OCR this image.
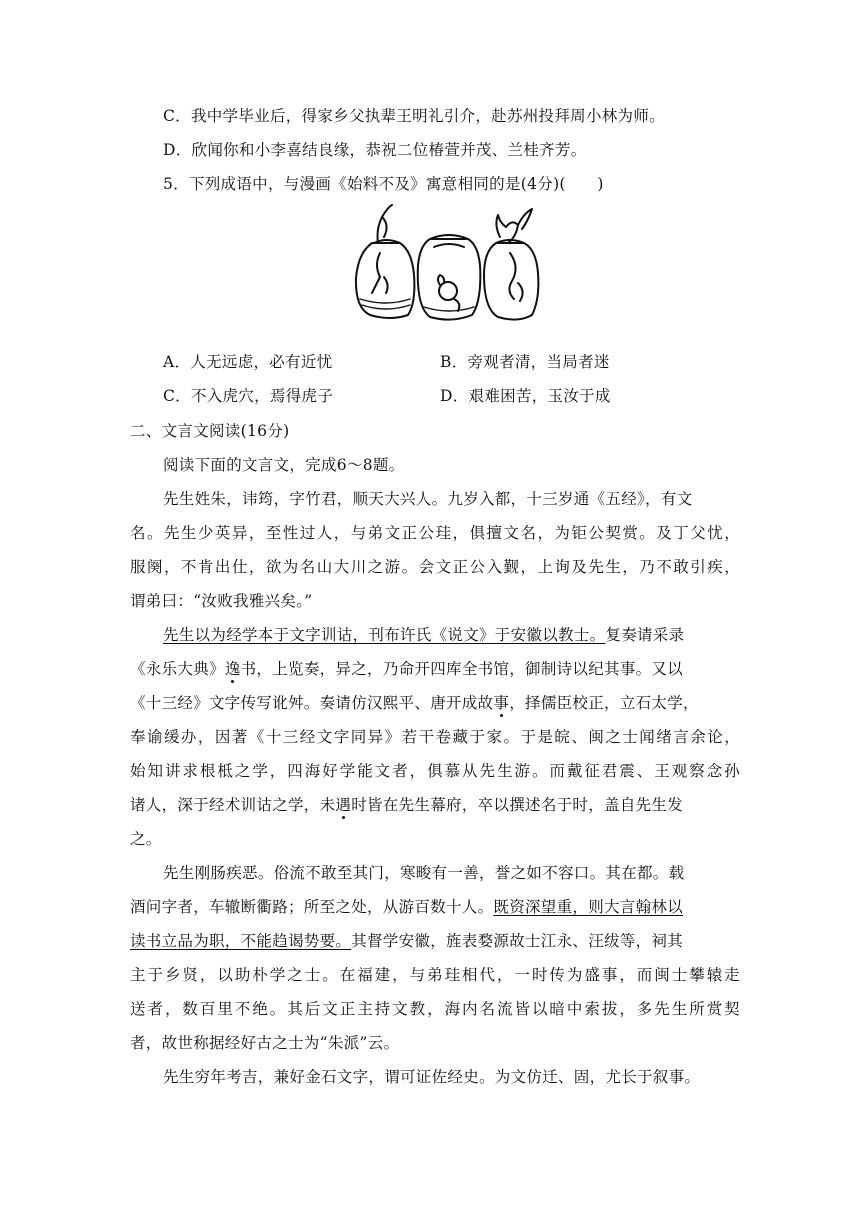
C．我中学毕业后，得家乡父执辈王明礼引介，赴苏州投拜周小林为师。
D．欣闻你和小李喜结良缘，恭祝二位椿萱并茂、兰桂齐芳。
5．下列成语中，与漫画《始料不及》寓意相同的是(4分)(　　)
A．人无远虑，必有近忧	B．旁观者清，当局者迷
C．不入虎穴，焉得虎子	D．艰难困苦，玉汝于成
二、文言文阅读(16分)
阅读下面的文言文，完成6～8题。
先生姓朱，讳筠，字竹君，顺天大兴人。九岁入都，十三岁通《五经》，有文
名。先生少英异，至性过人，与弟文正公珪，俱擅文名，为钜公契赏。及丁父忧，
服阕，不肯出仕，欲为名山大川之游。会文正公入觐，上询及先生，乃不敢引疾，
谓弟曰：“汝败我雅兴矣。”
先生以为经学本于文字训诂，刊布许氏《说文》于安徽以教士。复奏请采录
《永乐大典》逸书，上览奏，异之，乃命开四库全书馆，御制诗以纪其事。又以
《十三经》文字传写讹舛。奏请仿汉熙平、唐开成故事，择儒臣校正，立石太学，
奉谕缓办，因著《十三经文字同异》若干卷藏于家。于是皖、闽之士闻绪言余论，
始知讲求根柢之学，四海好学能文者，俱慕从先生游。而戴征君震、王观察念孙
诸人，深于经术训诂之学，未遇时皆在先生幕府，卒以撰述名于时，盖自先生发
之。
先生刚肠疾恶。俗流不敢至其门，寒畯有一善，誉之如不容口。其在都。载
酒问字者，车辙断衢路；所至之处，从游百数十人。既资深望重，则大言翰林以
读书立品为职，不能趋谒势要。其督学安徽，旌表婺源故士江永、汪绂等，祠其
主于乡贤，以助朴学之士。在福建，与弟珪相代，一时传为盛事，而闽士攀辕走
送者，数百里不绝。其后文正主持文教，海内名流皆以暗中索拔，多先生所赏契
者，故世称据经好古之士为“朱派”云。
先生穷年考吉，兼好金石文字，谓可证佐经史。为文仿迁、固，尤长于叙事。
